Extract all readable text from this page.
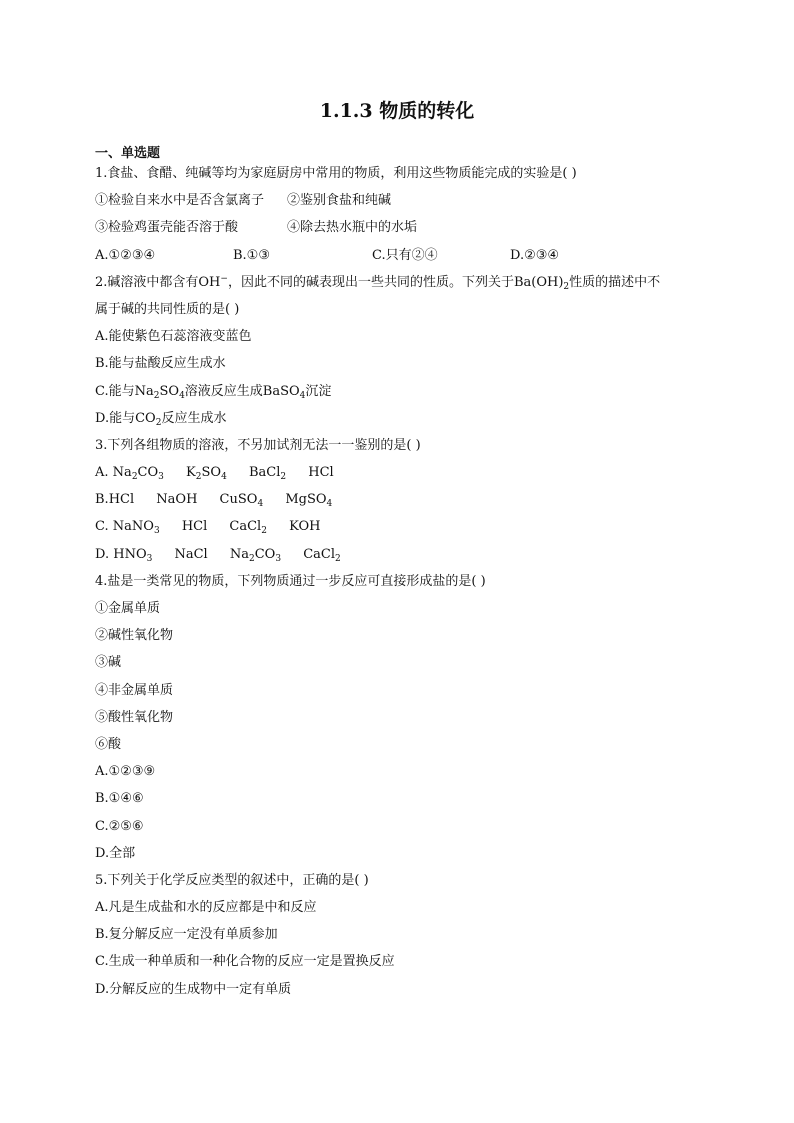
1.1.3 物质的转化
一、单选题
1.食盐、食醋、纯碱等均为家庭厨房中常用的物质，利用这些物质能完成的实验是( )
①检验自来水中是否含氯离子	②鉴别食盐和纯碱
③检验鸡蛋壳能否溶于酸	④除去热水瓶中的水垢
A.①②③④	B.①③	C.只有②④	D.②③④
2.碱溶液中都含有OH−，因此不同的碱表现出一些共同的性质。下列关于$Ba(OH)_2$性质的描述中不
属于碱的共同性质的是( )
A.能使紫色石蕊溶液变蓝色
B.能与盐酸反应生成水
C.能与$Na_2SO_4$溶液反应生成BaSO$_4$沉淀
D.能与$CO_2$反应生成水
3.下列各组物质的溶液，不另加试剂无法一一鉴别的是( )
A. $Na_2CO_3$ $K_2SO_4$ BaCl$_2$ HCl
B.HCl NaOH CuSO$_4$ MgSO$_4$
C. NaNO$_3$ HCl CaCl$_2$ KOH
D. $HNO_3$ NaCl $Na_2CO_3$ CaCl$_2$
4.盐是一类常见的物质，下列物质通过一步反应可直接形成盐的是( )
①金属单质
②碱性氧化物
③碱
④非金属单质
⑤酸性氧化物
⑥酸
A.①②③⑨
B.①④⑥
C.②⑤⑥
D.全部
5.下列关于化学反应类型的叙述中，正确的是( )
A.凡是生成盐和水的反应都是中和反应
B.复分解反应一定没有单质参加
C.生成一种单质和一种化合物的反应一定是置换反应
D.分解反应的生成物中一定有单质
